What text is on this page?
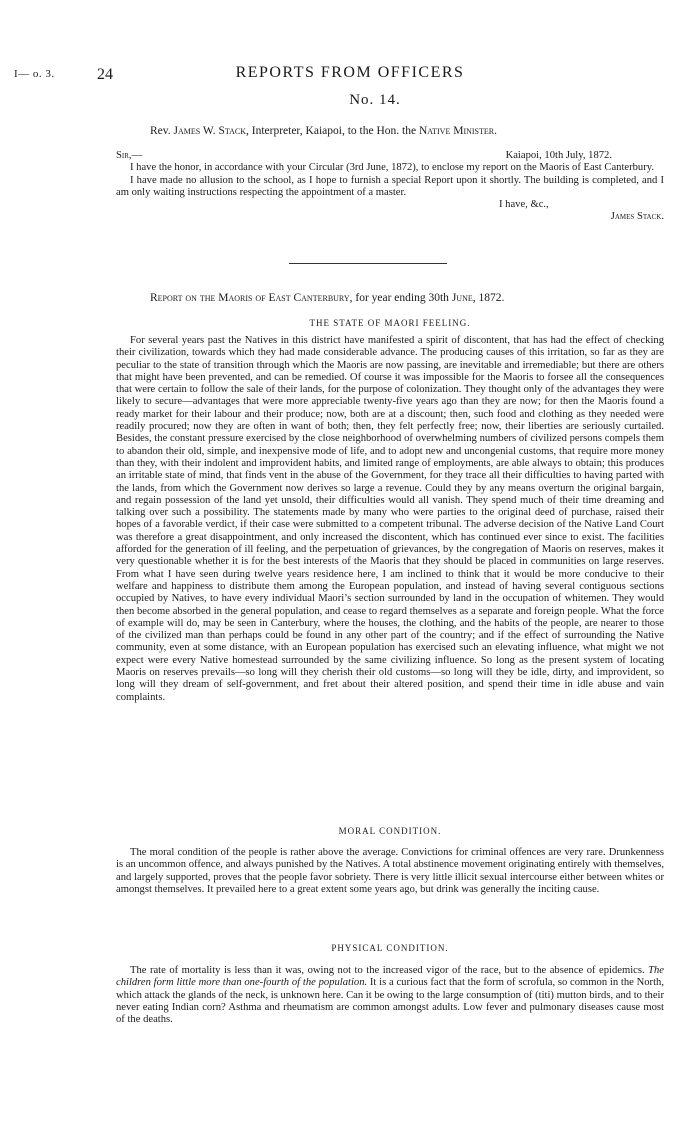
I— o. 3.	24	REPORTS FROM OFFICERS
No. 14.
Rev. James W. Stack, Interpreter, Kaiapoi, to the Hon. the Native Minister.
Sir,—	Kaiapoi, 10th July, 1872.

I have the honor, in accordance with your Circular (3rd June, 1872), to enclose my report on the Maoris of East Canterbury.

I have made no allusion to the school, as I hope to furnish a special Report upon it shortly. The building is completed, and I am only waiting instructions respecting the appointment of a master.

I have, &c.,
James Stack.
Report on the Maoris of East Canterbury, for year ending 30th June, 1872.
THE STATE OF MAORI FEELING.

For several years past the Natives in this district have manifested a spirit of discontent, that has had the effect of checking their civilization, towards which they had made considerable advance. The producing causes of this irritation, so far as they are peculiar to the state of transition through which the Maoris are now passing, are inevitable and irremediable; but there are others that might have been prevented, and can be remedied. Of course it was impossible for the Maoris to forsee all the consequences that were certain to follow the sale of their lands, for the purpose of colonization. They thought only of the advantages they were likely to secure—advantages that were more appreciable twenty-five years ago than they are now; for then the Maoris found a ready market for their labour and their produce; now, both are at a discount; then, such food and clothing as they needed were readily procured; now they are often in want of both; then, they felt perfectly free; now, their liberties are seriously curtailed. Besides, the constant pressure exercised by the close neighborhood of overwhelming numbers of civilized persons compels them to abandon their old, simple, and inexpensive mode of life, and to adopt new and uncongenial customs, that require more money than they, with their indolent and improvident habits, and limited range of employments, are able always to obtain; this produces an irritable state of mind, that finds vent in the abuse of the Government, for they trace all their difficulties to having parted with the lands, from which the Government now derives so large a revenue. Could they by any means overturn the original bargain, and regain possession of the land yet unsold, their difficulties would all vanish. They spend much of their time dreaming and talking over such a possibility. The statements made by many who were parties to the original deed of purchase, raised their hopes of a favorable verdict, if their case were submitted to a competent tribunal. The adverse decision of the Native Land Court was therefore a great disappointment, and only increased the discontent, which has continued ever since to exist. The facilities afforded for the generation of ill feeling, and the perpetuation of grievances, by the congregation of Maoris on reserves, makes it very questionable whether it is for the best interests of the Maoris that they should be placed in communities on large reserves. From what I have seen during twelve years residence here, I am inclined to think that it would be more conducive to their welfare and happiness to distribute them among the European population, and instead of having several contiguous sections occupied by Natives, to have every individual Maori’s section surrounded by land in the occupation of whitemen. They would then become absorbed in the general population, and cease to regard themselves as a separate and foreign people. What the force of example will do, may be seen in Canterbury, where the houses, the clothing, and the habits of the people, are nearer to those of the civilized man than perhaps could be found in any other part of the country; and if the effect of surrounding the Native community, even at some distance, with an European population has exercised such an elevating influence, what might we not expect were every Native homestead surrounded by the same civilizing influence. So long as the present system of locating Maoris on reserves prevails—so long will they cherish their old customs—so long will they be idle, dirty, and improvident, so long will they dream of self-government, and fret about their altered position, and spend their time in idle abuse and vain complaints.

MORAL CONDITION.

The moral condition of the people is rather above the average. Convictions for criminal offences are very rare. Drunkenness is an uncommon offence, and always punished by the Natives. A total abstinence movement originating entirely with themselves, and largely supported, proves that the people favor sobriety. There is very little illicit sexual intercourse either between whites or amongst themselves. It prevailed here to a great extent some years ago, but drink was generally the inciting cause.

PHYSICAL CONDITION.

The rate of mortality is less than it was, owing not to the increased vigor of the race, but to the absence of epidemics. The children form little more than one-fourth of the population. It is a curious fact that the form of scrofula, so common in the North, which attack the glands of the neck, is unknown here. Can it be owing to the large consumption of (titi) mutton birds, and to their never eating Indian corn? Asthma and rheumatism are common amongst adults. Low fever and pulmonary diseases cause most of the deaths.
